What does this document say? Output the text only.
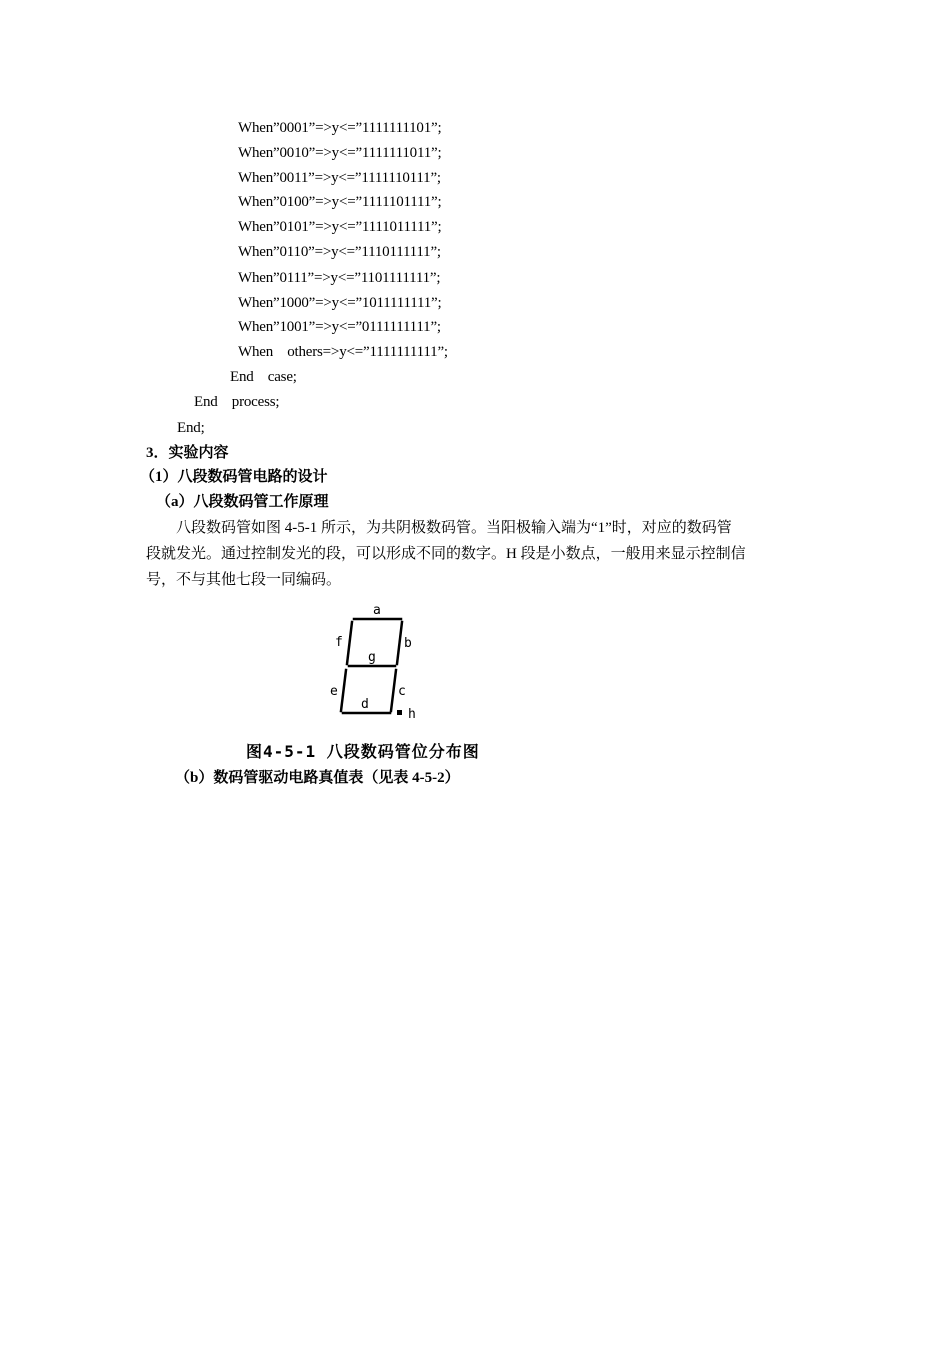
When”0001”=>y<=”1111111101”;
When”0010”=>y<=”1111111011”;
When”0011”=>y<=”1111110111”;
When”0100”=>y<=”1111101111”;
When”0101”=>y<=”1111011111”;
When”0110”=>y<=”1110111111”;
When”0111”=>y<=”1101111111”;
When”1000”=>y<=”1011111111”;
When”1001”=>y<=”0111111111”;
When    others=>y<=”1111111111”;
End    case;
End    process;
End;
3．实验内容
（1）八段数码管电路的设计
（a）八段数码管工作原理
　　八段数码管如图 4-5-1 所示，为共阴极数码管。当阳极输入端为“1”时，对应的数码管
段就发光。通过控制发光的段，可以形成不同的数字。H 段是小数点，一般用来显示控制信
号，不与其他七段一同编码。
a
f	b
g
e	c
d
h
图4-5-1 八段数码管位分布图
（b）数码管驱动电路真值表（见表 4-5-2）
